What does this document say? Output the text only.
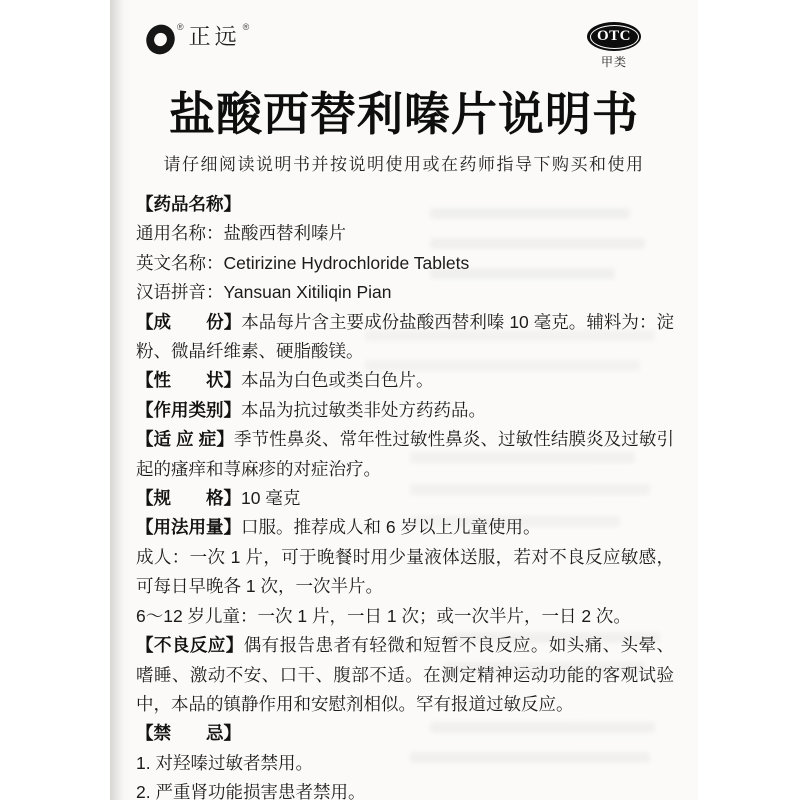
® 正远 ®
OTC
甲类
盐酸西替利嗪片说明书
请仔细阅读说明书并按说明使用或在药师指导下购买和使用

【药品名称】

通用名称：盐酸西替利嗪片

英文名称：Cetirizine Hydrochloride Tablets

汉语拼音：Yansuan Xitiliqin Pian

【成　　份】本品每片含主要成份盐酸西替利嗪 10 毫克。辅料为：淀粉、微晶纤维素、硬脂酸镁。

【性　　状】本品为白色或类白色片。

【作用类别】本品为抗过敏类非处方药药品。

【适 应 症】季节性鼻炎、常年性过敏性鼻炎、过敏性结膜炎及过敏引起的瘙痒和荨麻疹的对症治疗。

【规　　格】10 毫克

【用法用量】口服。推荐成人和 6 岁以上儿童使用。

成人：一次 1 片，可于晚餐时用少量液体送服，若对不良反应敏感，可每日早晚各 1 次，一次半片。

6～12 岁儿童：一次 1 片，一日 1 次；或一次半片，一日 2 次。

【不良反应】偶有报告患者有轻微和短暂不良反应。如头痛、头晕、嗜睡、激动不安、口干、腹部不适。在测定精神运动功能的客观试验中，本品的镇静作用和安慰剂相似。罕有报道过敏反应。

【禁　　忌】

1. 对羟嗪过敏者禁用。

2. 严重肾功能损害患者禁用。
